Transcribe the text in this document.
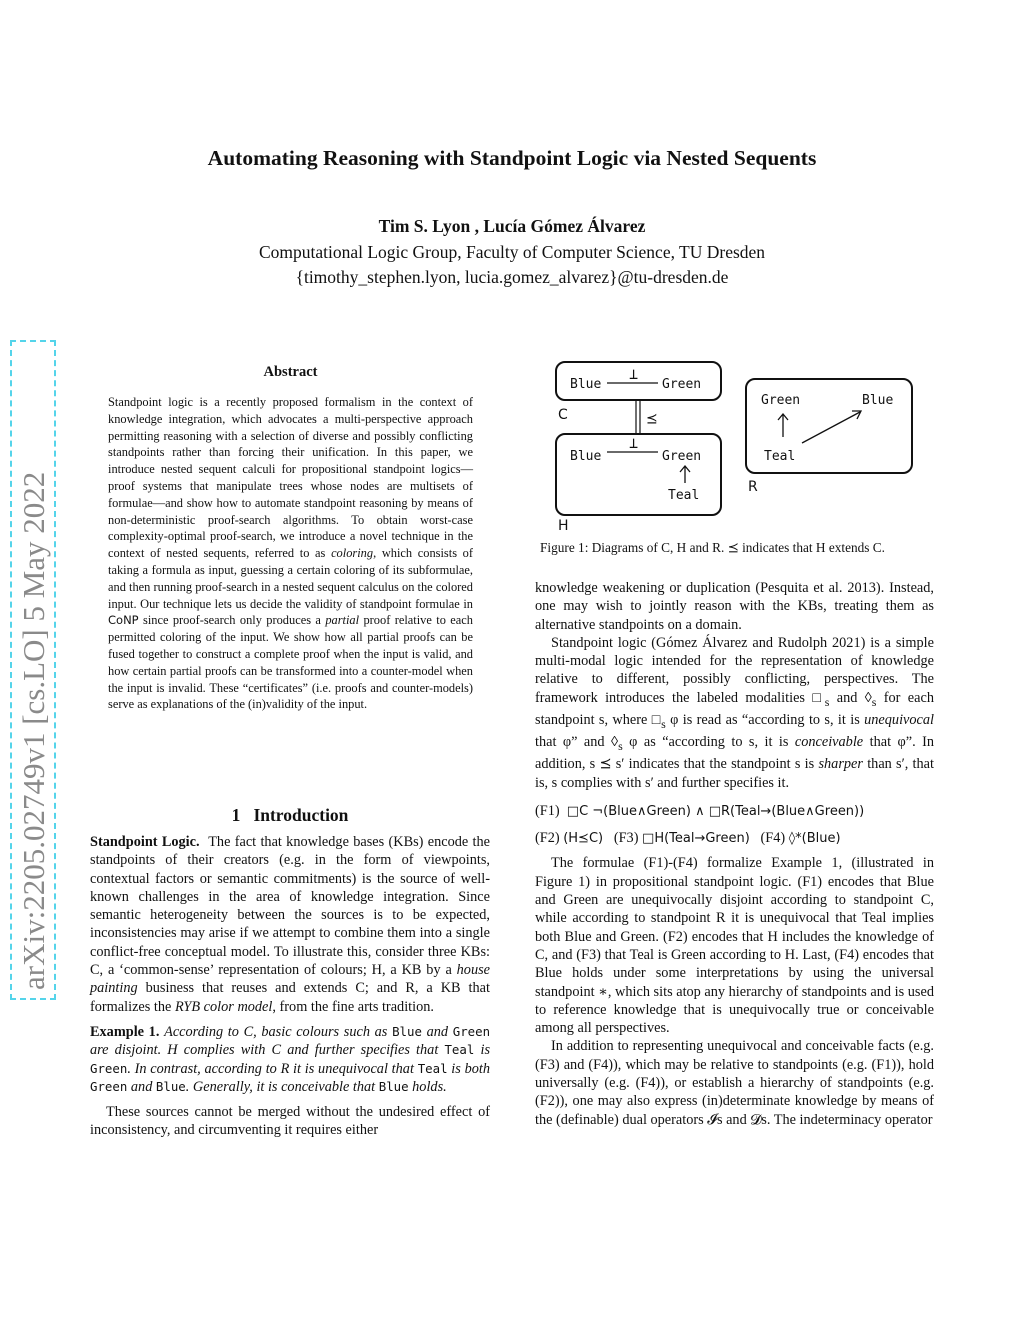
Automating Reasoning with Standpoint Logic via Nested Sequents
Tim S. Lyon , Lucía Gómez Álvarez
Computational Logic Group, Faculty of Computer Science, TU Dresden
{timothy_stephen.lyon, lucia.gomez_alvarez}@tu-dresden.de
arXiv:2205.02749v1 [cs.LO] 5 May 2022
Abstract
Standpoint logic is a recently proposed formalism in the context of knowledge integration, which advocates a multi-perspective approach permitting reasoning with a selection of diverse and possibly conflicting standpoints rather than forcing their unification. In this paper, we introduce nested sequent calculi for propositional standpoint logics—proof systems that manipulate trees whose nodes are multisets of formulae—and show how to automate standpoint reasoning by means of non-deterministic proof-search algorithms. To obtain worst-case complexity-optimal proof-search, we introduce a novel technique in the context of nested sequents, referred to as coloring, which consists of taking a formula as input, guessing a certain coloring of its subformulae, and then running proof-search in a nested sequent calculus on the colored input. Our technique lets us decide the validity of standpoint formulae in CoNP since proof-search only produces a partial proof relative to each permitted coloring of the input. We show how all partial proofs can be fused together to construct a complete proof when the input is valid, and how certain partial proofs can be transformed into a counter-model when the input is invalid. These “certificates” (i.e. proofs and counter-models) serve as explanations of the (in)validity of the input.
Blue	Green
⊥
C	⪯
Blue	Green
⊥
Teal
H
Green	Blue
Teal
R
Figure 1: Diagrams of C, H and R. ⪯ indicates that H extends C.
1 Introduction

Standpoint Logic. The fact that knowledge bases (KBs) encode the standpoints of their creators (e.g. in the form of viewpoints, contextual factors or semantic commitments) is the source of well-known challenges in the area of knowledge integration. Since semantic heterogeneity between the sources is to be expected, inconsistencies may arise if we attempt to combine them into a single conflict-free conceptual model. To illustrate this, consider three KBs: C, a ‘common-sense’ representation of colours; H, a KB by a house painting business that reuses and extends C; and R, a KB that formalizes the RYB color model, from the fine arts tradition.

Example 1. According to C, basic colours such as Blue and Green are disjoint. H complies with C and further specifies that Teal is Green. In contrast, according to R it is unequivocal that Teal is both Green and Blue. Generally, it is conceivable that Blue holds.

These sources cannot be merged without the undesired effect of inconsistency, and circumventing it requires either

knowledge weakening or duplication (Pesquita et al. 2013). Instead, one may wish to jointly reason with the KBs, treating them as alternative standpoints on a domain.

Standpoint logic (Gómez Álvarez and Rudolph 2021) is a simple multi-modal logic intended for the representation of knowledge relative to different, possibly conflicting, perspectives. The framework introduces the labeled modalities $□_s$ and $◊_s$ for each standpoint s, where $□_s$ φ is read as “according to s, it is unequivocal that φ” and $◊_s$ φ as “according to s, it is conceivable that φ”. In addition, s ⪯ s′ indicates that the standpoint s is sharper than s′, that is, s complies with s′ and further specifies it.

(F1) □C ¬(Blue∧Green) ∧ □R(Teal→(Blue∧Green))

(F2) (H⪯C) (F3) □H(Teal→Green) (F4) ◊*(Blue)

The formulae (F1)-(F4) formalize Example 1, (illustrated in Figure 1) in propositional standpoint logic. (F1) encodes that Blue and Green are unequivocally disjoint according to standpoint C, while according to standpoint R it is unequivocal that Teal implies both Blue and Green. (F2) encodes that H includes the knowledge of C, and (F3) that Teal is Green according to H. Last, (F4) encodes that Blue holds under some interpretations by using the universal standpoint ∗, which sits atop any hierarchy of standpoints and is used to reference knowledge that is unequivocally true or conceivable among all perspectives.

In addition to representing unequivocal and conceivable facts (e.g. (F3) and (F4)), which may be relative to standpoints (e.g. (F1)), hold universally (e.g. (F4)), or establish a hierarchy of standpoints (e.g. (F2)), one may also express (in)determinate knowledge by means of the (definable) dual operators 𝓘s and 𝓓s. The indeterminacy operator
